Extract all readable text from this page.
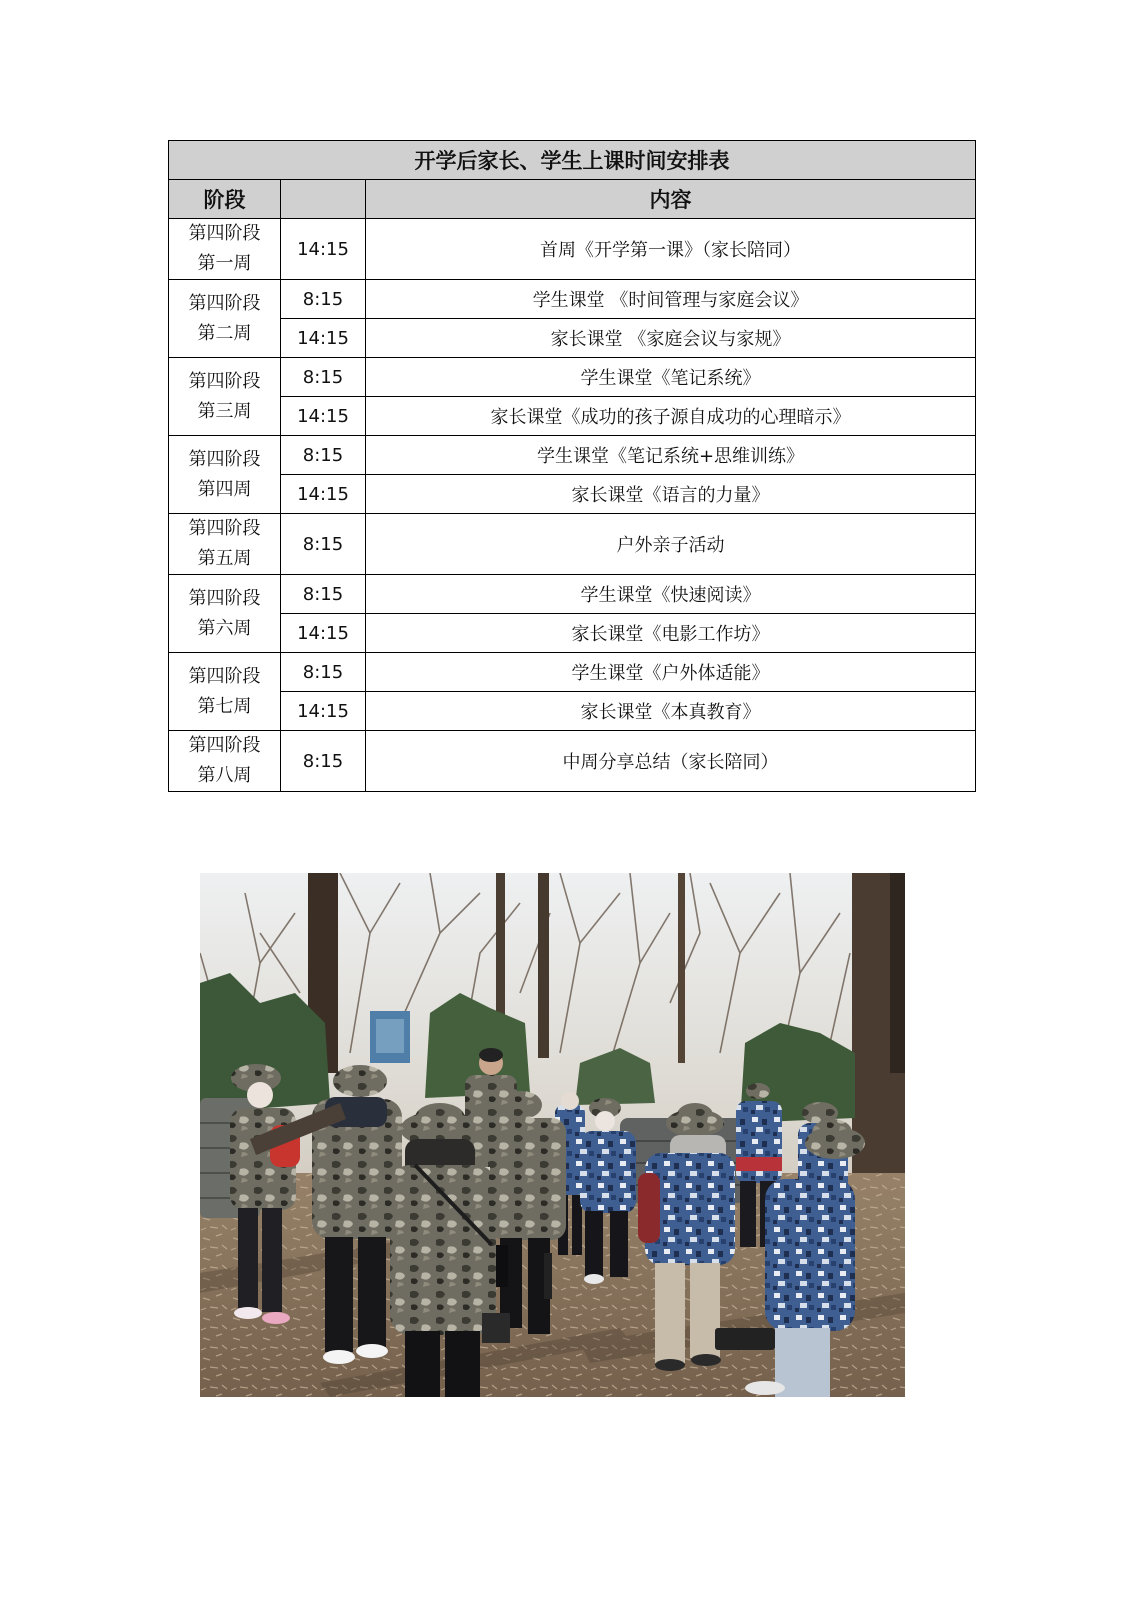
开学后家长、学生上课时间安排表		
阶段		内容

第四阶段
第一周	14:15	首周《开学第一课》（家长陪同）

第四阶段
第二周	8:15	学生课堂 《时间管理与家庭会议》
	14:15	家长课堂 《家庭会议与家规》

第四阶段
第三周	8:15	学生课堂《笔记系统》
	14:15	家长课堂《成功的孩子源自成功的心理暗示》

第四阶段
第四周	8:15	学生课堂《笔记系统+思维训练》
	14:15	家长课堂《语言的力量》

第四阶段
第五周	8:15	户外亲子活动

第四阶段
第六周	8:15	学生课堂《快速阅读》
	14:15	家长课堂《电影工作坊》

第四阶段
第七周	8:15	学生课堂《户外体适能》
	14:15	家长课堂《本真教育》

第四阶段
第八周	8:15	中周分享总结（家长陪同）
